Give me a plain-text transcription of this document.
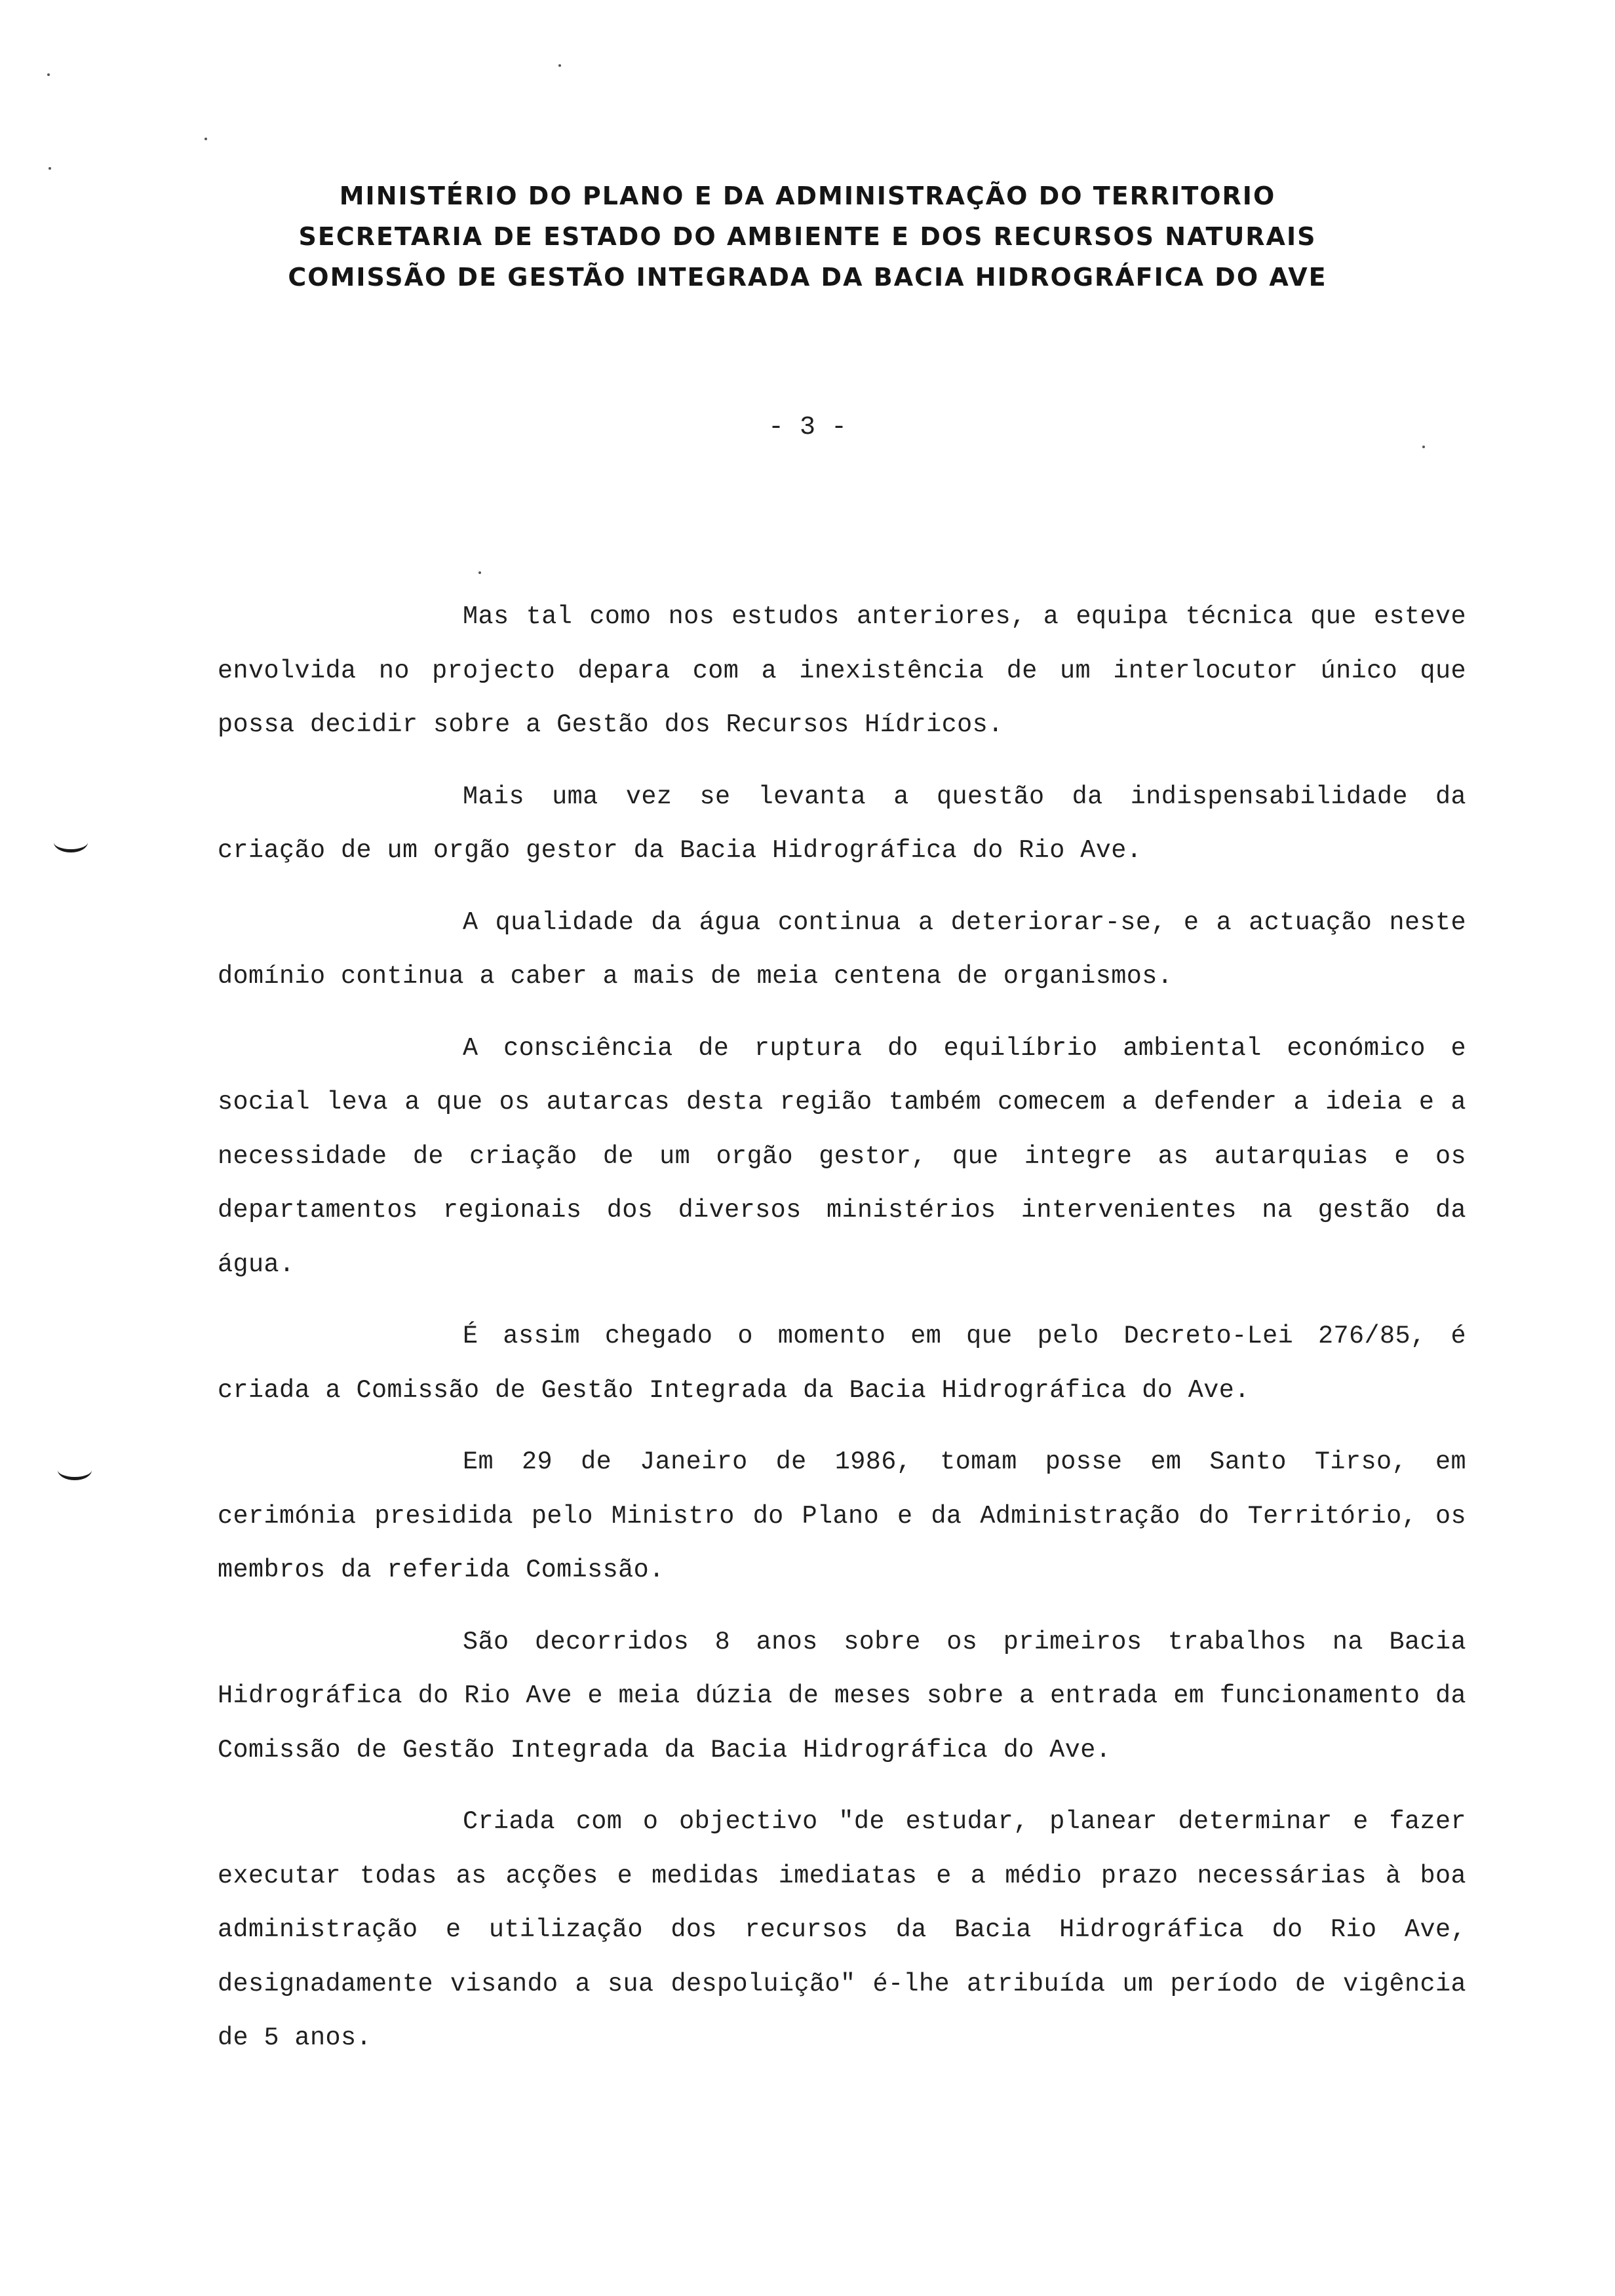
MINISTÉRIO DO PLANO E DA ADMINISTRAÇÃO DO TERRITORIO
SECRETARIA DE ESTADO DO AMBIENTE E DOS RECURSOS NATURAIS
COMISSÃO DE GESTÃO INTEGRADA DA BACIA HIDROGRÁFICA DO AVE
- 3 -

Mas tal como nos estudos anteriores, a equipa técnica que esteve envolvida no projecto depara com a inexistência de um interlocutor único que possa decidir sobre a Gestão dos Recursos Hídricos.

Mais uma vez se levanta a questão da indispensabilidade da criação de um orgão gestor da Bacia Hidrográfica do Rio Ave.

A qualidade da água continua a deteriorar-se, e a actuação neste domínio continua a caber a mais de meia centena de organismos.

A consciência de ruptura do equilíbrio ambiental económico e social leva a que os autarcas desta região também comecem a defender a ideia e a necessidade de criação de um orgão gestor, que integre as autarquias e os departamentos regionais dos diversos ministérios intervenientes na gestão da água.

É assim chegado o momento em que pelo Decreto-Lei 276/85, é criada a Comissão de Gestão Integrada da Bacia Hidrográfica do Ave.

Em 29 de Janeiro de 1986, tomam posse em Santo Tirso, em cerimónia presidida pelo Ministro do Plano e da Administração do Território, os membros da referida Comissão.

São decorridos 8 anos sobre os primeiros trabalhos na Bacia Hidrográfica do Rio Ave e meia dúzia de meses sobre a entrada em funcionamento da Comissão de Gestão Integrada da Bacia Hidrográfica do Ave.

Criada com o objectivo "de estudar, planear determinar e fazer executar todas as acções e medidas imediatas e a médio prazo necessárias à boa administração e utilização dos recursos da Bacia Hidrográfica do Rio Ave, designadamente visando a sua despoluição" é-lhe atribuída um período de vigência de 5 anos.
